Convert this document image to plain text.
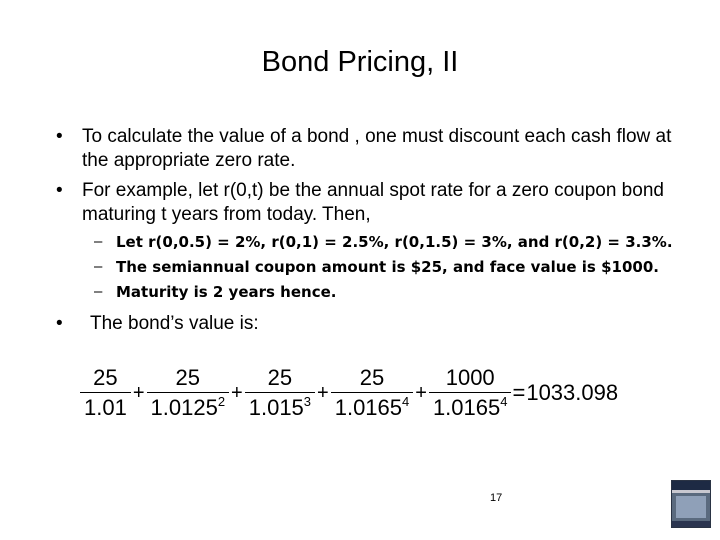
Bond Pricing, II
• To calculate the value of a bond , one must discount each cash flow at the appropriate zero rate.
• For example, let r(0,t) be the annual spot rate for a zero coupon bond maturing t years from today. Then,
– Let r(0,0.5) = 2%, r(0,1) = 2.5%, r(0,1.5) = 3%, and r(0,2) = 3.3%.
– The semiannual coupon amount is $25, and face value is $1000.
– Maturity is 2 years hence.
• The bond’s value is:
$\frac{25}{1.01} + \frac{25}{1.0125^2} + \frac{25}{1.015^3} + \frac{25}{1.0165^4} + \frac{1000}{1.0165^4} = 1033.098$
17
